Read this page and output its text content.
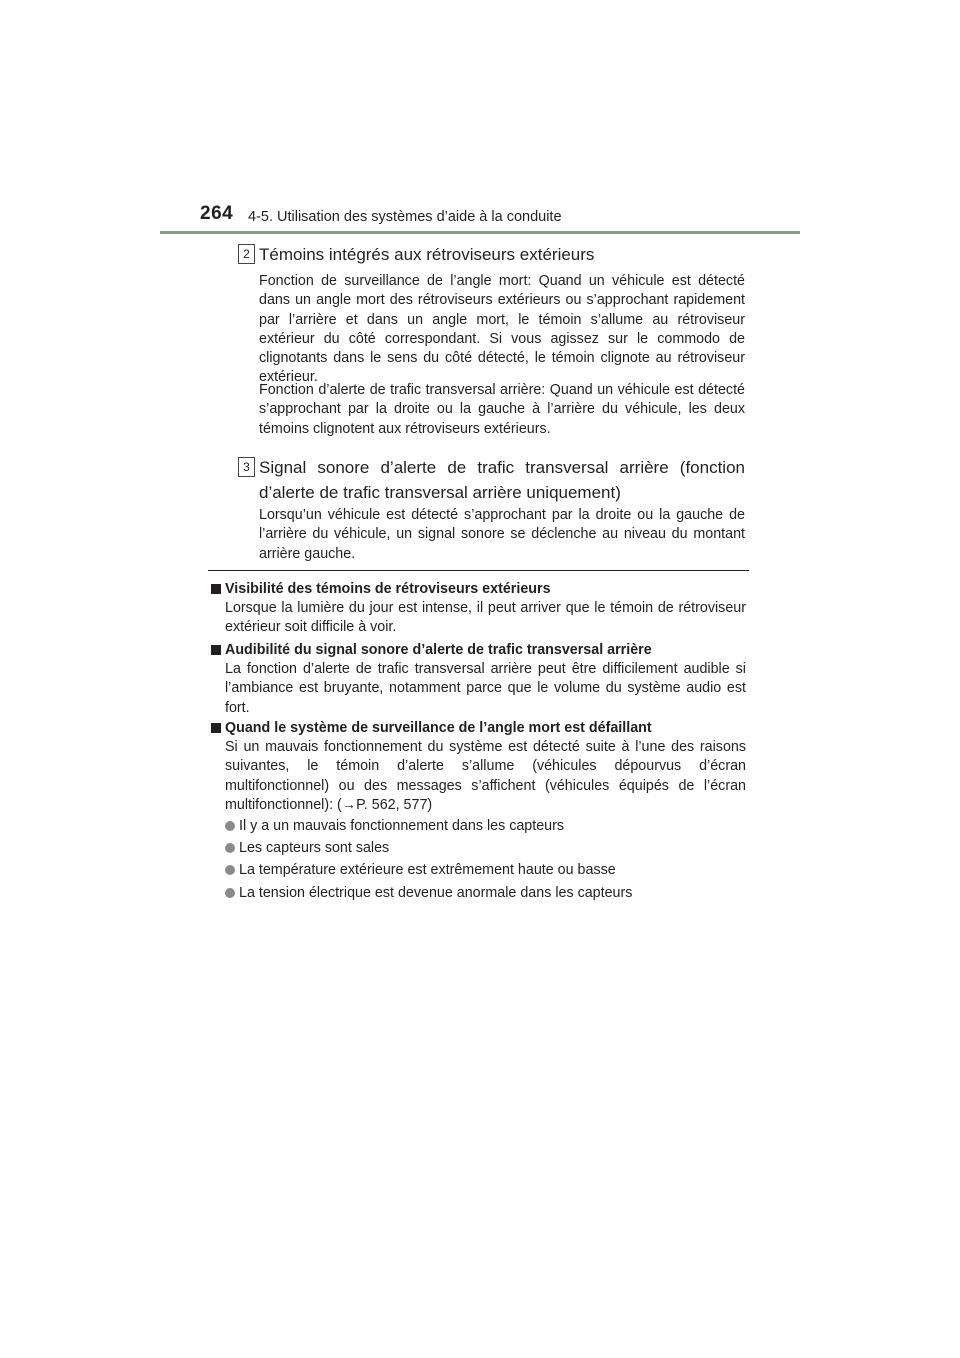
264 4-5. Utilisation des systèmes d’aide à la conduite
2 Témoins intégrés aux rétroviseurs extérieurs
Fonction de surveillance de l’angle mort: Quand un véhicule est détecté dans un angle mort des rétroviseurs extérieurs ou s’approchant rapidement par l’arrière et dans un angle mort, le témoin s’allume au rétroviseur extérieur du côté correspondant. Si vous agissez sur le commodo de clignotants dans le sens du côté détecté, le témoin clignote au rétroviseur extérieur.
Fonction d’alerte de trafic transversal arrière: Quand un véhicule est détecté s’approchant par la droite ou la gauche à l’arrière du véhicule, les deux témoins clignotent aux rétroviseurs extérieurs.
3 Signal sonore d’alerte de trafic transversal arrière (fonction d’alerte de trafic transversal arrière uniquement)
Lorsqu’un véhicule est détecté s’approchant par la droite ou la gauche de l’arrière du véhicule, un signal sonore se déclenche au niveau du montant arrière gauche.
Visibilité des témoins de rétroviseurs extérieurs
Lorsque la lumière du jour est intense, il peut arriver que le témoin de rétroviseur extérieur soit difficile à voir.
Audibilité du signal sonore d’alerte de trafic transversal arrière
La fonction d’alerte de trafic transversal arrière peut être difficilement audible si l’ambiance est bruyante, notamment parce que le volume du système audio est fort.
Quand le système de surveillance de l’angle mort est défaillant
Si un mauvais fonctionnement du système est détecté suite à l’une des raisons suivantes, le témoin d’alerte s’allume (véhicules dépourvus d’écran multifonctionnel) ou des messages s’affichent (véhicules équipés de l’écran multifonctionnel): (→P. 562, 577)
Il y a un mauvais fonctionnement dans les capteurs
Les capteurs sont sales
La température extérieure est extrêmement haute ou basse
La tension électrique est devenue anormale dans les capteurs
